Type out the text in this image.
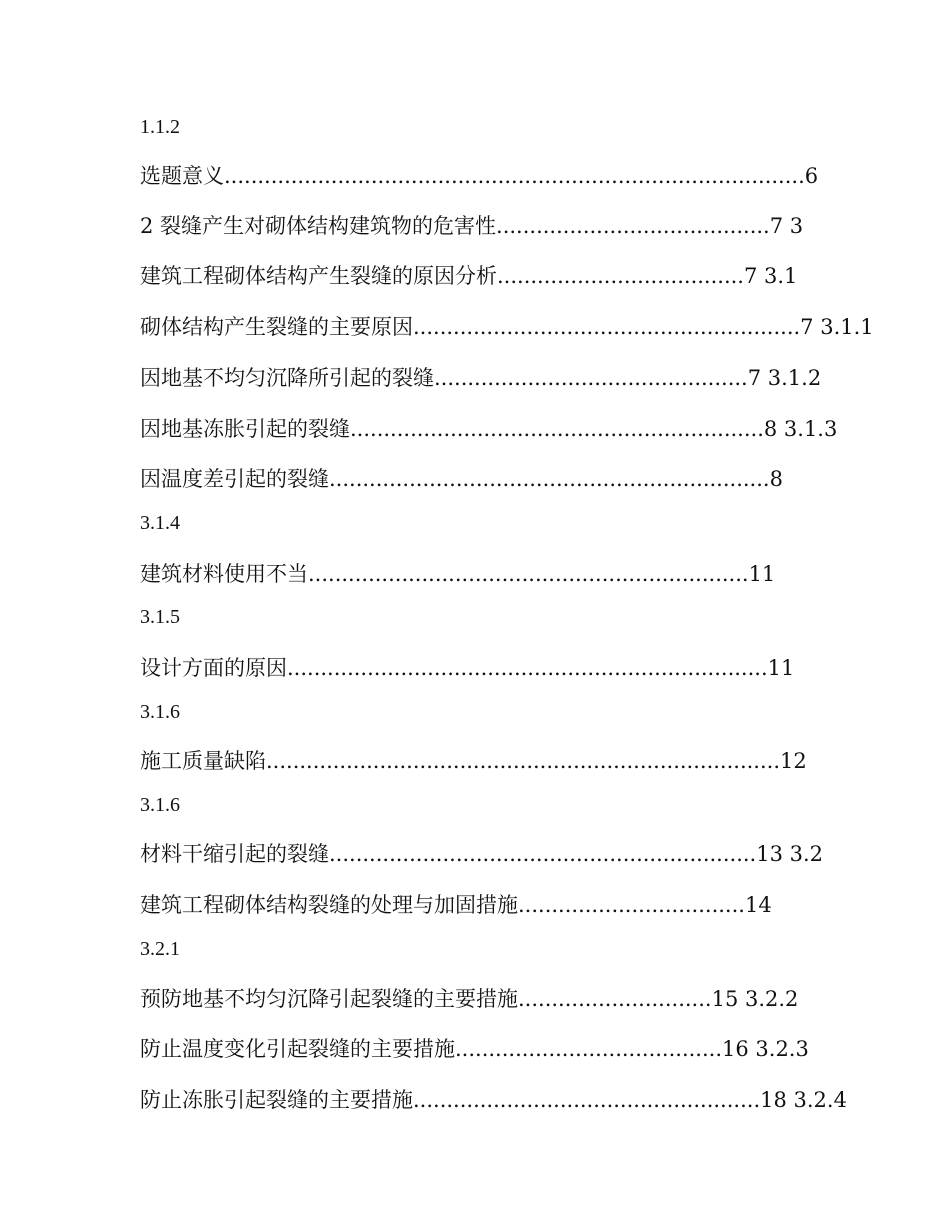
1.1.2
选题意义.......................................................................................6
2 裂缝产生对砌体结构建筑物的危害性.........................................7 3
建筑工程砌体结构产生裂缝的原因分析.....................................7 3.1
砌体结构产生裂缝的主要原因..........................................................7 3.1.1
因地基不均匀沉降所引起的裂缝...............................................7 3.1.2
因地基冻胀引起的裂缝..............................................................8 3.1.3
因温度差引起的裂缝..................................................................8
3.1.4
建筑材料使用不当..................................................................11
3.1.5
设计方面的原因........................................................................11
3.1.6
施工质量缺陷.............................................................................12
3.1.6
材料干缩引起的裂缝................................................................13 3.2
建筑工程砌体结构裂缝的处理与加固措施..................................14
3.2.1
预防地基不均匀沉降引起裂缝的主要措施.............................15 3.2.2
防止温度变化引起裂缝的主要措施........................................16 3.2.3
防止冻胀引起裂缝的主要措施....................................................18 3.2.4
